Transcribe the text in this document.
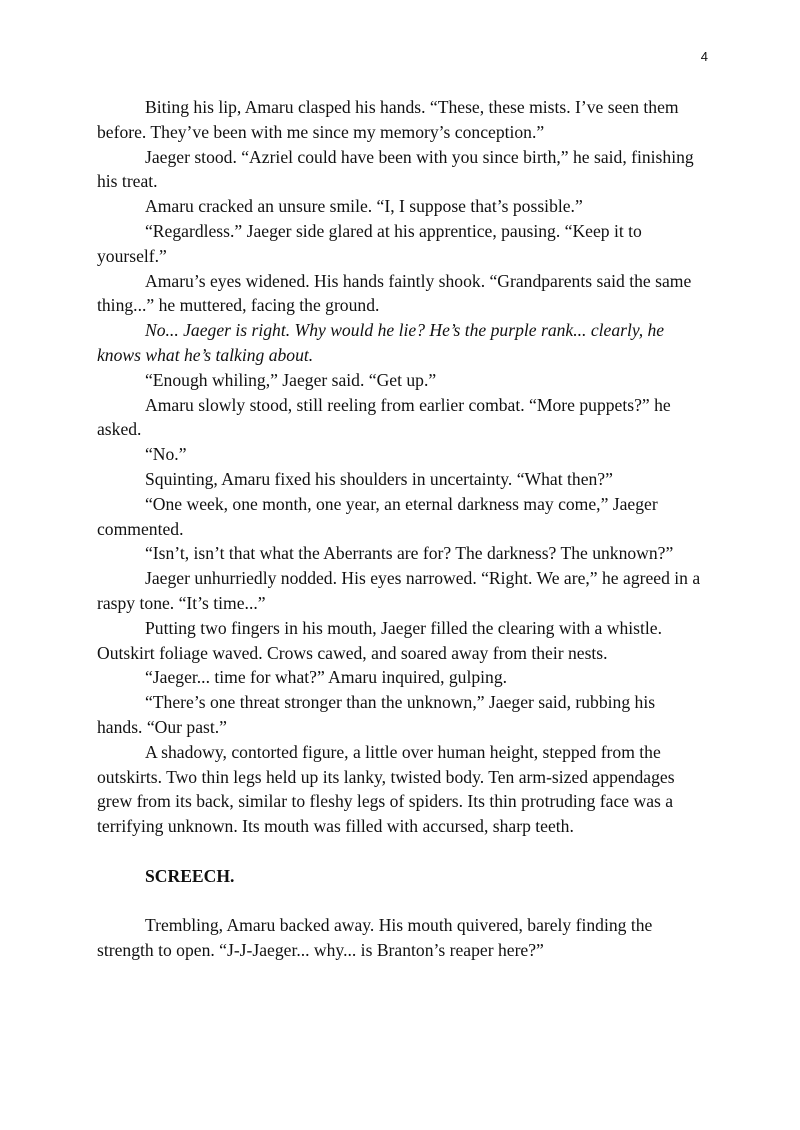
4

Biting his lip, Amaru clasped his hands. “These, these mists. I’ve seen them before. They’ve been with me since my memory’s conception.”

Jaeger stood. “Azriel could have been with you since birth,” he said, finishing his treat.

Amaru cracked an unsure smile. “I, I suppose that’s possible.”

“Regardless.” Jaeger side glared at his apprentice, pausing. “Keep it to yourself.”

Amaru’s eyes widened. His hands faintly shook. “Grandparents said the same thing...” he muttered, facing the ground.

No... Jaeger is right. Why would he lie? He’s the purple rank... clearly, he knows what he’s talking about.

“Enough whiling,” Jaeger said. “Get up.”

Amaru slowly stood, still reeling from earlier combat. “More puppets?” he asked.

“No.”

Squinting, Amaru fixed his shoulders in uncertainty. “What then?”

“One week, one month, one year, an eternal darkness may come,” Jaeger commented.

“Isn’t, isn’t that what the Aberrants are for? The darkness? The unknown?”

Jaeger unhurriedly nodded. His eyes narrowed. “Right. We are,” he agreed in a raspy tone. “It’s time...”

Putting two fingers in his mouth, Jaeger filled the clearing with a whistle. Outskirt foliage waved. Crows cawed, and soared away from their nests.

“Jaeger... time for what?” Amaru inquired, gulping.

“There’s one threat stronger than the unknown,” Jaeger said, rubbing his hands. “Our past.”

A shadowy, contorted figure, a little over human height, stepped from the outskirts. Two thin legs held up its lanky, twisted body. Ten arm-sized appendages grew from its back, similar to fleshy legs of spiders. Its thin protruding face was a terrifying unknown. Its mouth was filled with accursed, sharp teeth.

SCREECH.

Trembling, Amaru backed away. His mouth quivered, barely finding the strength to open. “J-J-Jaeger... why... is Branton’s reaper here?”
